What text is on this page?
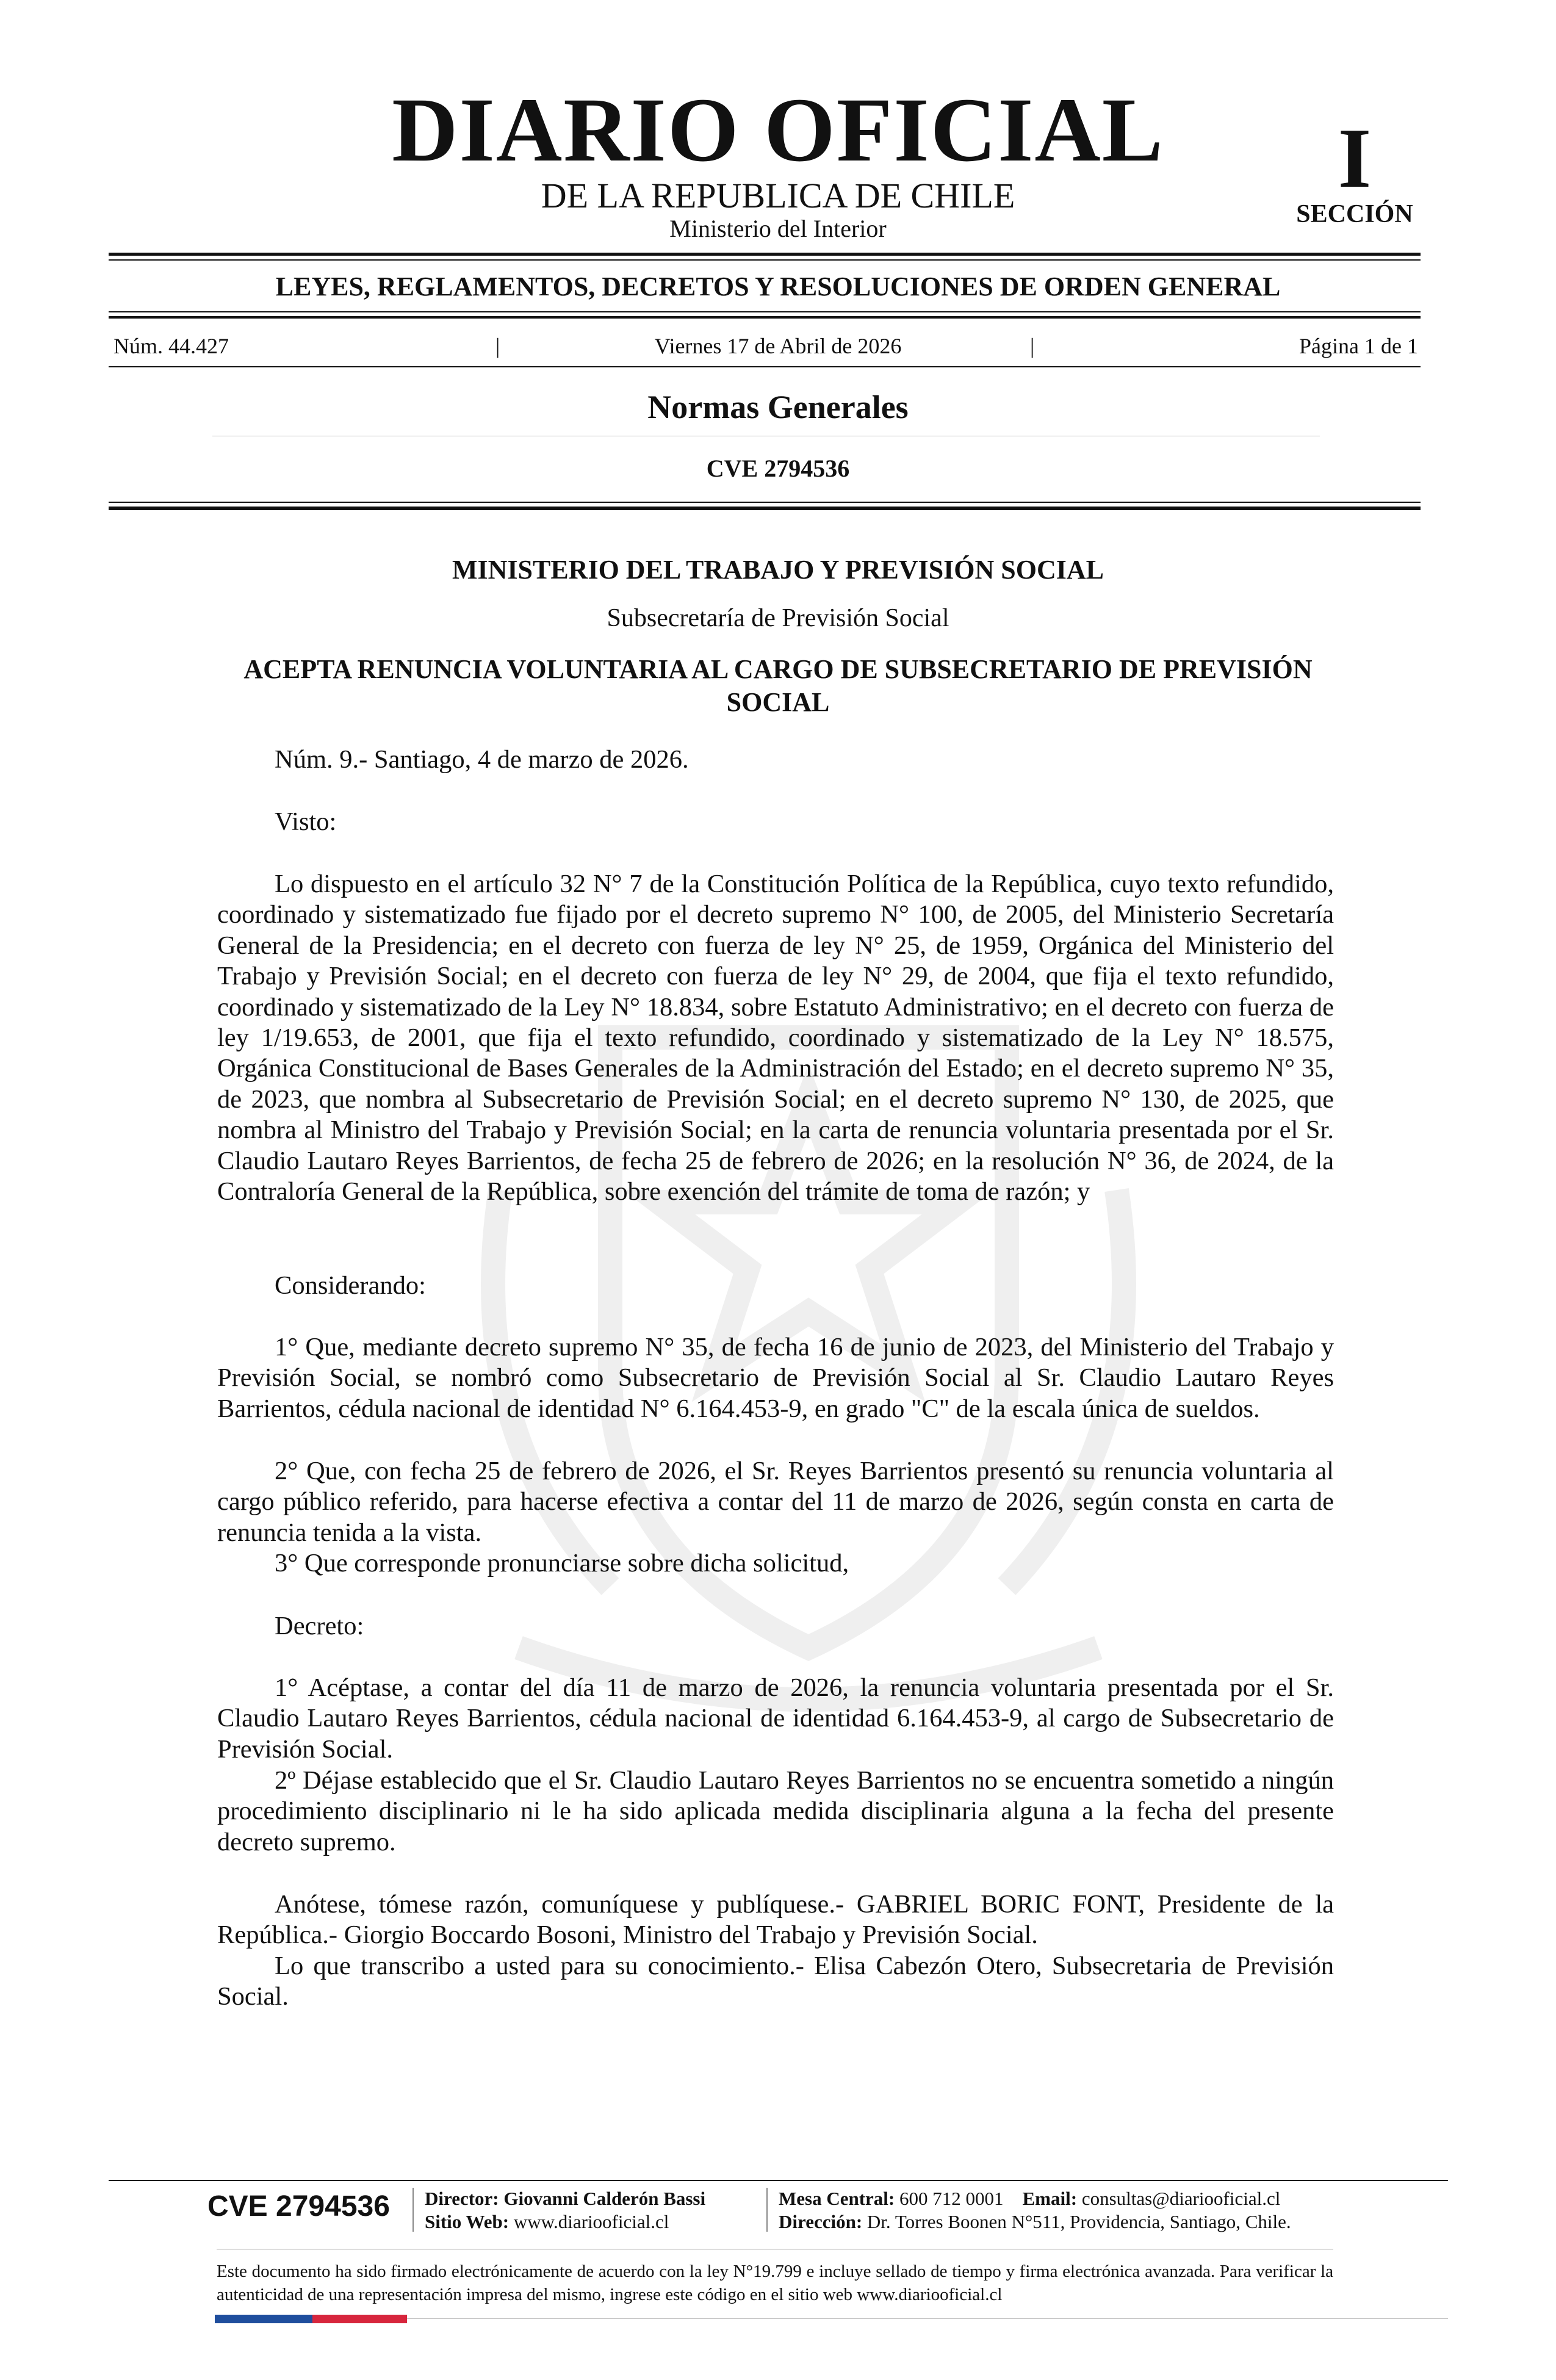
DIARIO OFICIAL
DE LA REPUBLICA DE CHILE
Ministerio del Interior
I
SECCIÓN
LEYES, REGLAMENTOS, DECRETOS Y RESOLUCIONES DE ORDEN GENERAL
Núm. 44.427	|	Viernes 17 de Abril de 2026	|	Página 1 de 1
Normas Generales
CVE 2794536
MINISTERIO DEL TRABAJO Y PREVISIÓN SOCIAL
Subsecretaría de Previsión Social
ACEPTA RENUNCIA VOLUNTARIA AL CARGO DE SUBSECRETARIO DE PREVISIÓN SOCIAL
Núm. 9.- Santiago, 4 de marzo de 2026.
Visto:
Lo dispuesto en el artículo 32 N° 7 de la Constitución Política de la República, cuyo texto refundido, coordinado y sistematizado fue fijado por el decreto supremo N° 100, de 2005, del Ministerio Secretaría General de la Presidencia; en el decreto con fuerza de ley N° 25, de 1959, Orgánica del Ministerio del Trabajo y Previsión Social; en el decreto con fuerza de ley N° 29, de 2004, que fija el texto refundido, coordinado y sistematizado de la Ley N° 18.834, sobre Estatuto Administrativo; en el decreto con fuerza de ley 1/19.653, de 2001, que fija el texto refundido, coordinado y sistematizado de la Ley N° 18.575, Orgánica Constitucional de Bases Generales de la Administración del Estado; en el decreto supremo N° 35, de 2023, que nombra al Subsecretario de Previsión Social; en el decreto supremo N° 130, de 2025, que nombra al Ministro del Trabajo y Previsión Social; en la carta de renuncia voluntaria presentada por el Sr. Claudio Lautaro Reyes Barrientos, de fecha 25 de febrero de 2026; en la resolución N° 36, de 2024, de la Contraloría General de la República, sobre exención del trámite de toma de razón; y
Considerando:
1° Que, mediante decreto supremo N° 35, de fecha 16 de junio de 2023, del Ministerio del Trabajo y Previsión Social, se nombró como Subsecretario de Previsión Social al Sr. Claudio Lautaro Reyes Barrientos, cédula nacional de identidad N° 6.164.453-9, en grado "C" de la escala única de sueldos.
2° Que, con fecha 25 de febrero de 2026, el Sr. Reyes Barrientos presentó su renuncia voluntaria al cargo público referido, para hacerse efectiva a contar del 11 de marzo de 2026, según consta en carta de renuncia tenida a la vista.
3° Que corresponde pronunciarse sobre dicha solicitud,
Decreto:
1° Acéptase, a contar del día 11 de marzo de 2026, la renuncia voluntaria presentada por el Sr. Claudio Lautaro Reyes Barrientos, cédula nacional de identidad 6.164.453-9, al cargo de Subsecretario de Previsión Social.
2º Déjase establecido que el Sr. Claudio Lautaro Reyes Barrientos no se encuentra sometido a ningún procedimiento disciplinario ni le ha sido aplicada medida disciplinaria alguna a la fecha del presente decreto supremo.
Anótese, tómese razón, comuníquese y publíquese.- GABRIEL BORIC FONT, Presidente de la República.- Giorgio Boccardo Bosoni, Ministro del Trabajo y Previsión Social.
Lo que transcribo a usted para su conocimiento.- Elisa Cabezón Otero, Subsecretaria de Previsión Social.
CVE 2794536 Director: Giovanni Calderón Bassi
Sitio Web: www.diariooficial.cl
Mesa Central: 600 712 0001 Email: consultas@diariooficial.cl
Dirección: Dr. Torres Boonen N°511, Providencia, Santiago, Chile.
Este documento ha sido firmado electrónicamente de acuerdo con la ley N°19.799 e incluye sellado de tiempo y firma electrónica avanzada. Para verificar la autenticidad de una representación impresa del mismo, ingrese este código en el sitio web www.diariooficial.cl
